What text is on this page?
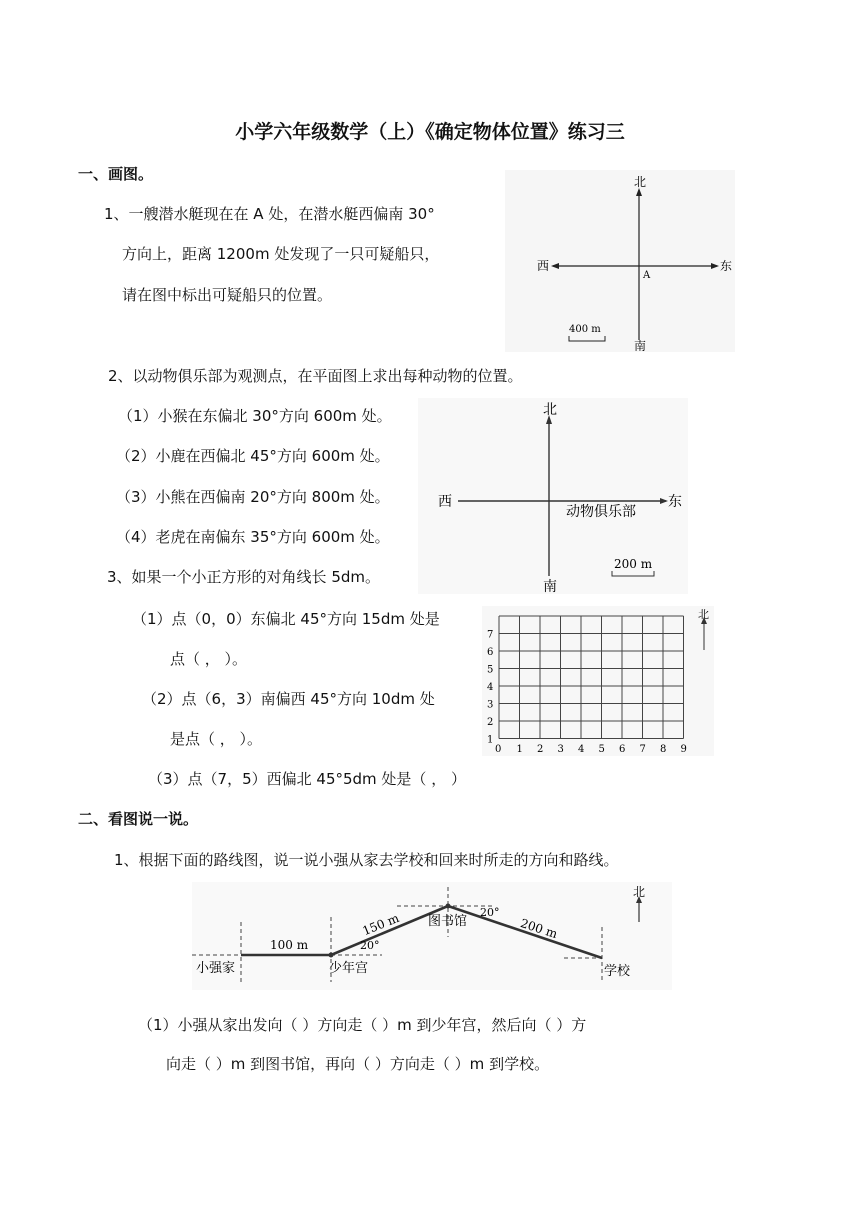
小学六年级数学（上）《确定物体位置》练习三
一、画图。
1、一艘潜水艇现在在 A 处，在潜水艇西偏南 30°
方向上，距离 1200m 处发现了一只可疑船只，
请在图中标出可疑船只的位置。
北
南
西	东
A
400 m
2、以动物俱乐部为观测点，在平面图上求出每种动物的位置。
（1）小猴在东偏北 30°方向 600m 处。
（2）小鹿在西偏北 45°方向 600m 处。
（3）小熊在西偏南 20°方向 800m 处。
（4）老虎在南偏东 35°方向 600m 处。
北
南
西	东
动物俱乐部
200 m
3、如果一个小正方形的对角线长 5dm。
（1）点（0，0）东偏北 45°方向 15dm 处是
点（ ， ）。
（2）点（6，3）南偏西 45°方向 10dm 处
是点（ ， ）。
（3）点（7，5）西偏北 45°5dm 处是（ ， ）
0 1 2 3 4 5 6 7 8 9
1
2
3
4
5
6
7
北
二、看图说一说。
1、根据下面的路线图，说一说小强从家去学校和回来时所走的方向和路线。
100 m
150 m	200 m
20°
20°
小强家	少年宫
图书馆
学校
北
（1）小强从家出发向（ ）方向走（ ）m 到少年宫，然后向（ ）方
向走（ ）m 到图书馆，再向（ ）方向走（ ）m 到学校。
